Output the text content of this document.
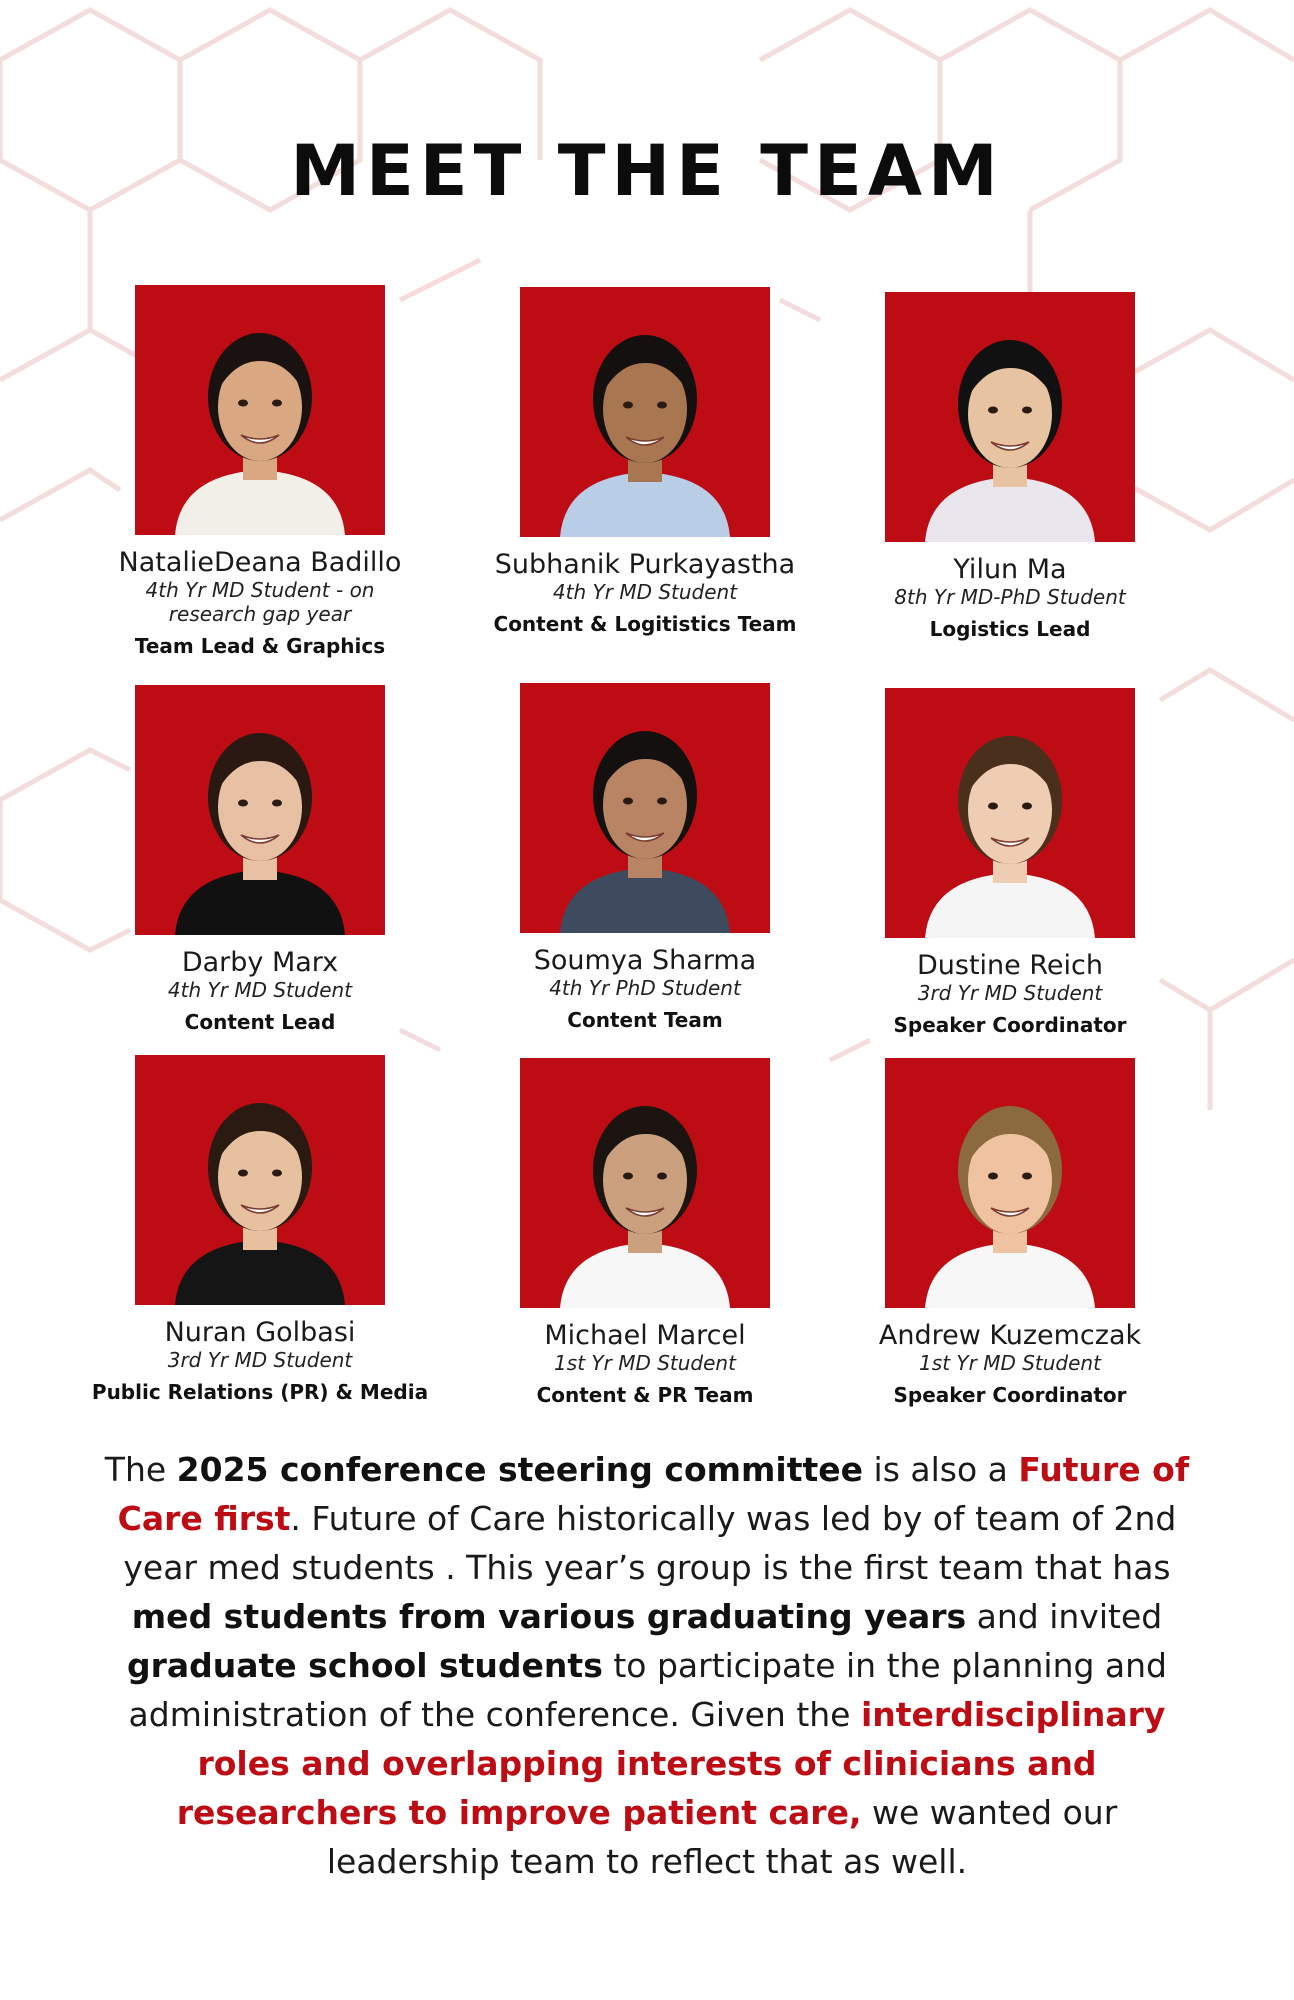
MEET THE TEAM
NatalieDeana Badillo
4th Yr MD Student - on research gap year
Team Lead & Graphics
Subhanik Purkayastha
4th Yr MD Student
Content & Logitistics Team
Yilun Ma
8th Yr MD-PhD Student
Logistics Lead
Darby Marx
4th Yr MD Student
Content Lead
Soumya Sharma
4th Yr PhD Student
Content Team
Dustine Reich
3rd Yr MD Student
Speaker Coordinator
Nuran Golbasi
3rd Yr MD Student
Public Relations (PR) & Media
Michael Marcel
1st Yr MD Student
Content & PR Team
Andrew Kuzemczak
1st Yr MD Student
Speaker Coordinator

The 2025 conference steering committee is also a Future of Care first. Future of Care historically was led by of team of 2nd year med students . This year’s group is the first team that has med students from various graduating years and invited graduate school students to participate in the planning and administration of the conference. Given the interdisciplinary roles and overlapping interests of clinicians and researchers to improve patient care, we wanted our leadership team to reflect that as well.
